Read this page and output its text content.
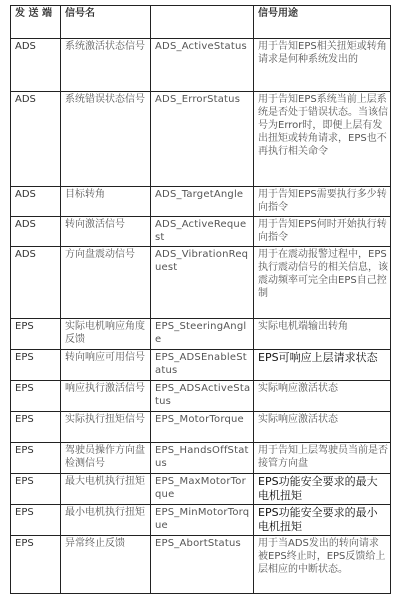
发 送 端	信号名		信号用途
ADS	系统激活状态信号	ADS_ActiveStatus	用于告知EPS相关扭矩或转角请求是何种系统发出的
ADS	系统错误状态信号	ADS_ErrorStatus	用于告知EPS系统当前上层系统是否处于错误状态。当该信号为Error时，即便上层有发出扭矩或转角请求，EPS也不再执行相关命令
ADS	目标转角	ADS_TargetAngle	用于告知EPS需要执行多少转向指令
ADS	转向激活信号	ADS_ActiveRequest	用于告知EPS何时开始执行转向指令
ADS	方向盘震动信号	ADS_VibrationRequest	用于在震动报警过程中，EPS执行震动信号的相关信息，该震动频率可完全由EPS自己控制
EPS	实际电机响应角度反馈	EPS_SteeringAngle	实际电机端输出转角
EPS	转向响应可用信号	EPS_ADSEnableStatus	EPS可响应上层请求状态
EPS	响应执行激活信号	EPS_ADSActiveStatus	实际响应激活状态
EPS	实际执行扭矩信号	EPS_MotorTorque	实际响应激活状态
EPS	驾驶员操作方向盘检测信号	EPS_HandsOffStatus	用于告知上层驾驶员当前是否接管方向盘
EPS	最大电机执行扭矩	EPS_MaxMotorTorque	EPS功能安全要求的最大电机扭矩
EPS	最小电机执行扭矩	EPS_MinMotorTorque	EPS功能安全要求的最小电机扭矩
EPS	异常终止反馈	EPS_AbortStatus	用于当ADS发出的转向请求被EPS终止时，EPS反馈给上层相应的中断状态。
